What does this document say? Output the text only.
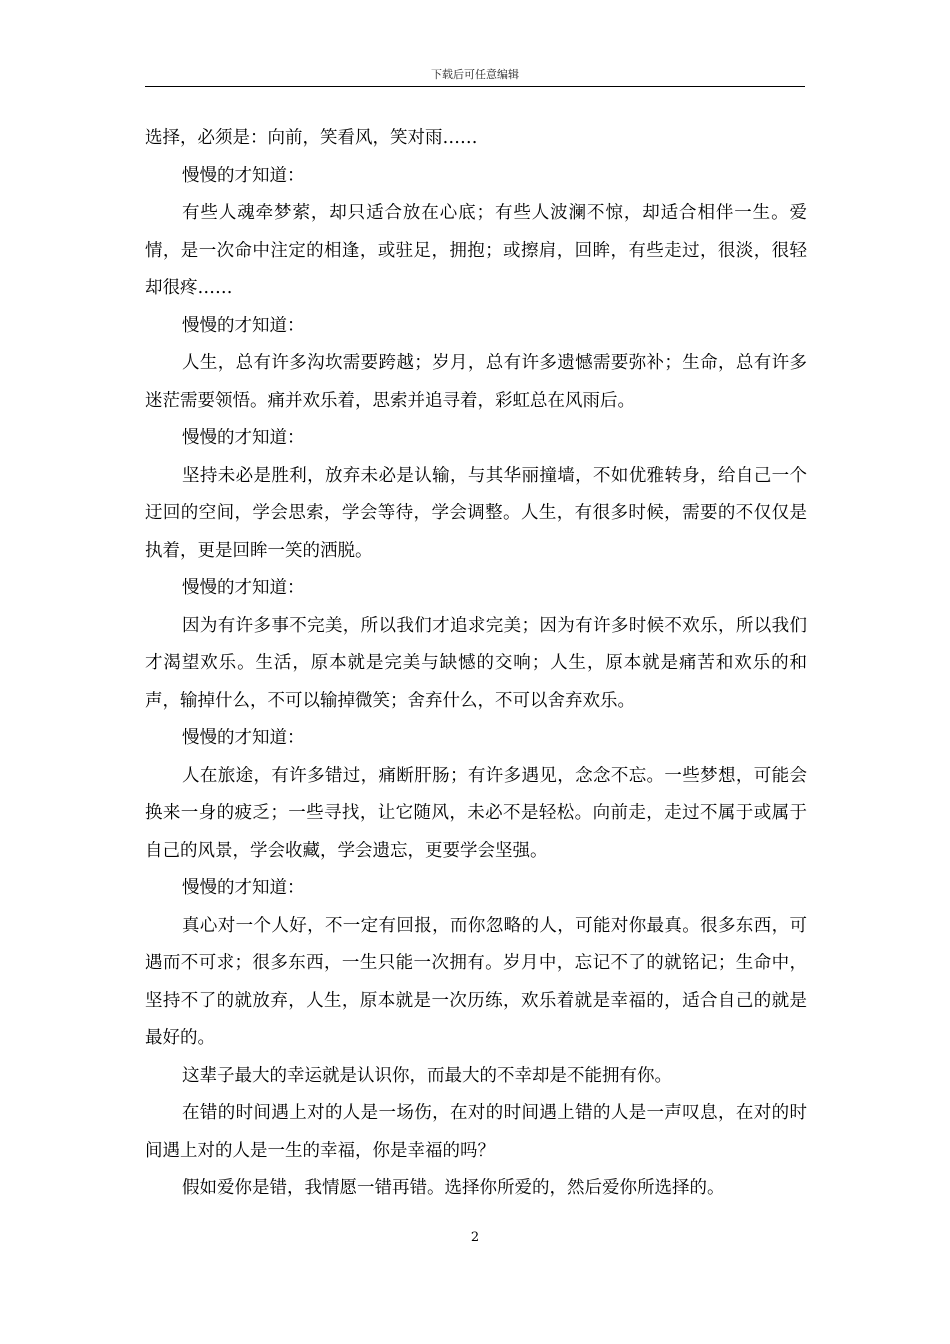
下载后可任意编辑

选择，必须是：向前，笑看风，笑对雨……

慢慢的才知道：

有些人魂牵梦萦，却只适合放在心底；有些人波澜不惊，却适合相伴一生。爱情，是一次命中注定的相逢，或驻足，拥抱；或擦肩，回眸，有些走过，很淡，很轻却很疼……

慢慢的才知道：

人生，总有许多沟坎需要跨越；岁月，总有许多遗憾需要弥补；生命，总有许多迷茫需要领悟。痛并欢乐着，思索并追寻着，彩虹总在风雨后。

慢慢的才知道：

坚持未必是胜利，放弃未必是认输，与其华丽撞墙，不如优雅转身，给自己一个迂回的空间，学会思索，学会等待，学会调整。人生，有很多时候，需要的不仅仅是执着，更是回眸一笑的洒脱。

慢慢的才知道：

因为有许多事不完美，所以我们才追求完美；因为有许多时候不欢乐，所以我们才渴望欢乐。生活，原本就是完美与缺憾的交响；人生，原本就是痛苦和欢乐的和声，输掉什么，不可以输掉微笑；舍弃什么，不可以舍弃欢乐。

慢慢的才知道：

人在旅途，有许多错过，痛断肝肠；有许多遇见，念念不忘。一些梦想，可能会换来一身的疲乏；一些寻找，让它随风，未必不是轻松。向前走，走过不属于或属于自己的风景，学会收藏，学会遗忘，更要学会坚强。

慢慢的才知道：

真心对一个人好，不一定有回报，而你忽略的人，可能对你最真。很多东西，可遇而不可求；很多东西，一生只能一次拥有。岁月中，忘记不了的就铭记；生命中，坚持不了的就放弃，人生，原本就是一次历练，欢乐着就是幸福的，适合自己的就是最好的。

这辈子最大的幸运就是认识你，而最大的不幸却是不能拥有你。

在错的时间遇上对的人是一场伤，在对的时间遇上错的人是一声叹息，在对的时间遇上对的人是一生的幸福，你是幸福的吗？

假如爱你是错，我情愿一错再错。选择你所爱的，然后爱你所选择的。

2
